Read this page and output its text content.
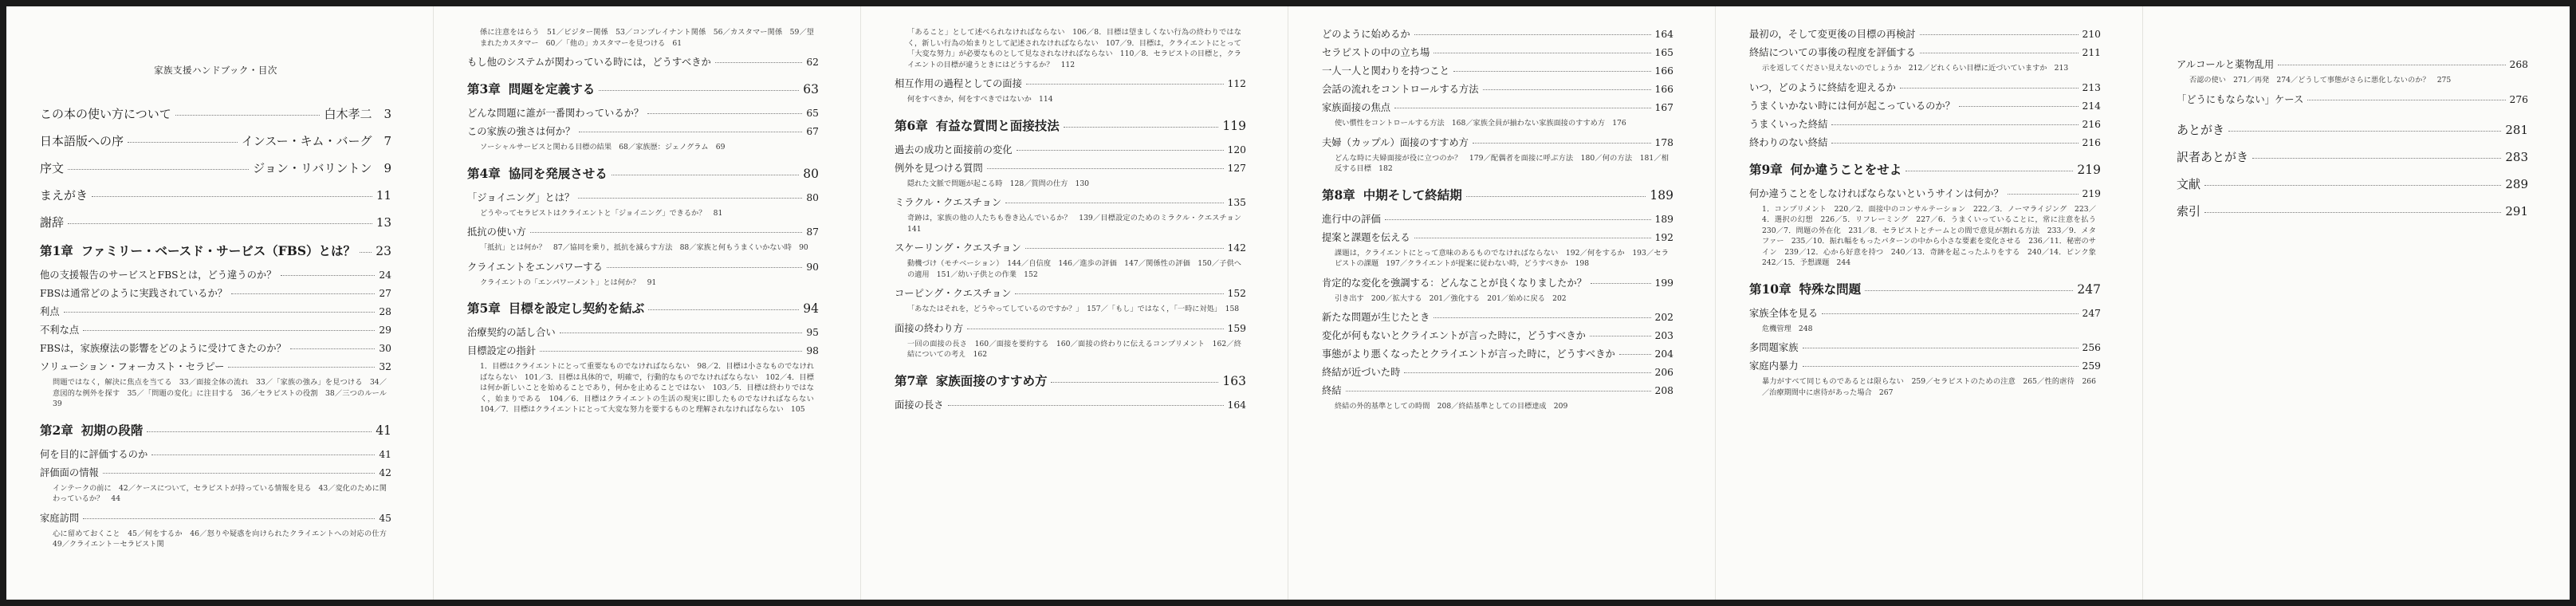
家族支援ハンドブック・目次
この本の使い方について	白木孝二　3
日本語版への序	インスー・キム・バーグ　7
序文	ジョン・リバリントン　9
まえがき	11
謝辞	13
第1章 ファミリー・ベースド・サービス（FBS）とは？ 23
他の支援報告のサービスとFBSとは，どう違うのか？	24
FBSは通常どのように実践されているか？	27
利点	28
不利な点	29
FBSは，家族療法の影響をどのように受けてきたのか？	30
ソリューション・フォーカスト・セラピー	32
問題ではなく，解決に焦点を当てる　33／面接全体の流れ　33／「家族の強み」を見つける　34／意図的な例外を探す　35／「問題の変化」に注目する　36／セラピストの役割　38／三つのルール　39
第2章 初期の段階	41
何を目的に評価するのか	41
評価面の情報	42
インテークの前に　42／ケースについて，セラピストが持っている情報を見る　43／変化のために関わっているか？　44
家庭訪問	45
心に留めておくこと　45／何をするか　46／怒りや疑惑を向けられたクライエントへの対応の仕方　49／クライエント－セラピスト関
係に注意をはらう　51／ビジター関係　53／コンプレイナント関係　56／カスタマー関係　59／望まれたカスタマー　60／「他の」カスタマーを見つける　61
もし他のシステムが関わっている時には，どうすべきか	62
第3章 問題を定義する	63
どんな問題に誰が一番関わっているか？	65
この家族の強さは何か？	67
ソーシャルサービスと関わる目標の結果　68／家族歴：ジェノグラム　69
第4章 協同を発展させる	80
「ジョイニング」とは？	80
どうやってセラピストはクライエントと「ジョイニング」できるか？　81
抵抗の使い方	87
「抵抗」とは何か？　87／協同を乗り，抵抗を減らす方法　88／家族と何もうまくいかない時　90
クライエントをエンパワーする	90
クライエントの「エンパワーメント」とは何か？　91
第5章 目標を設定し契約を結ぶ	94
治療契約の話し合い	95
目標設定の指針	98
1．目標はクライエントにとって重要なものでなければならない　98／2．目標は小さなものでなければならない　101／3．目標は具体的で，明確で，行動的なものでなければならない　102／4．目標は何か新しいことを始めることであり，何かを止めることではない　103／5．目標は終わりではなく，始まりである　104／6．目標はクライエントの生活の現実に即したものでなければならない　104／7．目標はクライエントにとって大変な努力を要するものと理解されなければならない　105
「あること」として述べられなければならない　106／8．目標は望ましくない行為の終わりではなく，新しい行為の始まりとして記述されなければならない　107／9．目標は，クライエントにとって「大変な努力」が必要なものとして見なされなければならない　110／8．セラピストの目標と，クライエントの目標が違うときにはどうするか？　112
相互作用の過程としての面接	112
何をすべきか，何をすべきではないか　114
第6章 有益な質問と面接技法	119
過去の成功と面接前の変化	120
例外を見つける質問	127
隠れた文脈で問題が起こる時　128／質問の仕方　130
ミラクル・クエスチョン	135
奇跡は，家族の他の人たちも巻き込んでいるか？　139／目標設定のためのミラクル・クエスチョン　141
スケーリング・クエスチョン	142
動機づけ（モチベーション）　144／自信度　146／進歩の評価　147／関係性の評価　150／子供への適用　151／幼い子供との作業　152
コーピング・クエスチョン	152
「あなたはそれを，どうやってしているのですか？」　157／「もし」ではなく，「一時に対処」　158
面接の終わり方	159
一回の面接の長さ　160／面接を要約する　160／面接の終わりに伝えるコンプリメント　162／終結についての考え　162
第7章 家族面接のすすめ方	163
面接の長さ	164
どのように始めるか	164
セラピストの中の立ち場	165
一人一人と関わりを持つこと	166
会話の流れをコントロールする方法	166
家族面接の焦点	167
使い慣性をコントロールする方法　168／家族全員が揃わない家族面接のすすめ方　176
夫婦（カップル）面接のすすめ方	178
どんな時に夫婦面接が役に立つのか？　179／配偶者を面接に呼ぶ方法　180／何の方法　181／相反する目標　182
第8章 中期そして終結期	189
進行中の評価	189
提案と課題を伝える	192
課題は，クライエントにとって意味のあるものでなければならない　192／何をするか　193／セラピストの課題　197／クライエントが提案に従わない時，どうすべきか　198
肯定的な変化を強調する：どんなことが良くなりましたか？	199
引き出す　200／拡大する　201／強化する　201／始めに戻る　202
新たな問題が生じたとき	202
変化が何もないとクライエントが言った時に，どうすべきか	203
事態がより悪くなったとクライエントが言った時に，どうすべきか	204
終結が近づいた時	206
終結	208
終結の外的基準としての時間　208／終結基準としての目標達成　209
最初の，そして変更後の目標の再検討	210
終結についての事後の程度を評価する	211
示を返してください見えないのでしょうか　212／どれくらい目標に近づいていますか　213
いつ，どのように終結を迎えるか	213
うまくいかない時には何が起こっているのか？	214
うまくいった終結	216
終わりのない終結	216
第9章 何か違うことをせよ	219
何か違うことをしなければならないというサインは何か？	219
1．コンプリメント　220／2．面接中のコンサルテーション　222／3．ノーマライジング　223／4．選択の幻想　226／5．リフレーミング　227／6．うまくいっていることに，常に注意を払う　230／7．問題の外在化　231／8．セラピストとチームとの間で意見が割れる方法　233／9．メタファー　235／10．振れ幅をもったパターンの中から小さな要素を変化させる　236／11．秘密のサイン　239／12．心から好意を持つ　240／13．奇跡を起こったふりをする　240／14．ピンク象　242／15．予想課題　244
第10章 特殊な問題	247
家族全体を見る	247
危機管理　248
多問題家族	256
家庭内暴力	259
暴力がすべて同じものであるとは限らない　259／セラピストのための注意　265／性的虐待　266／治療期間中に虐待があった場合　267
アルコールと薬物乱用	268
否認の使い　271／再発　274／どうして事態がさらに悪化しないのか？　275
「どうにもならない」ケース	276
あとがき	281
訳者あとがき	283
文献	289
索引	291
